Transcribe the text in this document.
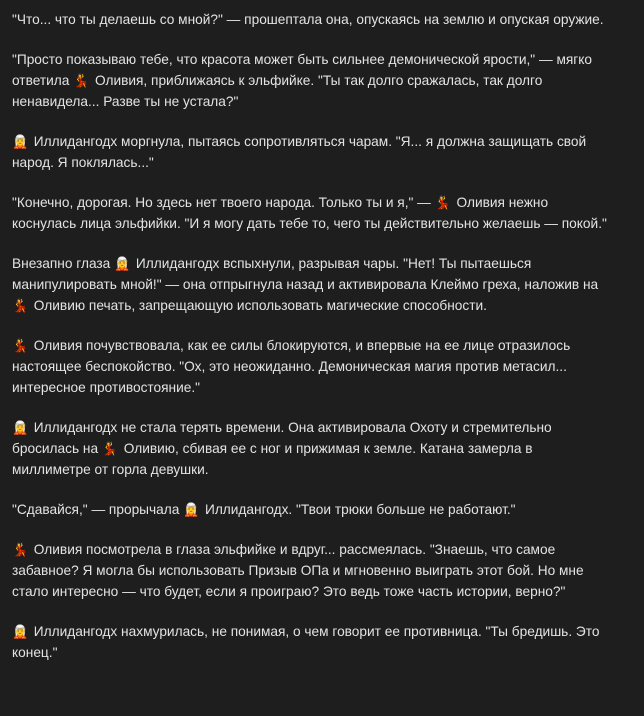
"Что... что ты делаешь со мной?" — прошептала она, опускаясь на землю и опуская оружие.

"Просто показываю тебе, что красота может быть сильнее демонической ярости," — мягко ответила 💃 Оливия, приближаясь к эльфийке. "Ты так долго сражалась, так долго ненавидела... Разве ты не устала?"

🧝 Иллидангодх моргнула, пытаясь сопротивляться чарам. "Я... я должна защищать свой народ. Я поклялась..."

"Конечно, дорогая. Но здесь нет твоего народа. Только ты и я," — 💃 Оливия нежно коснулась лица эльфийки. "И я могу дать тебе то, чего ты действительно желаешь — покой."

Внезапно глаза 🧝 Иллидангодх вспыхнули, разрывая чары. "Нет! Ты пытаешься манипулировать мной!" — она отпрыгнула назад и активировала Клеймо греха, наложив на 💃 Оливию печать, запрещающую использовать магические способности.

💃 Оливия почувствовала, как ее силы блокируются, и впервые на ее лице отразилось настоящее беспокойство. "Ох, это неожиданно. Демоническая магия против метасил... интересное противостояние."

🧝 Иллидангодх не стала терять времени. Она активировала Охоту и стремительно бросилась на 💃 Оливию, сбивая ее с ног и прижимая к земле. Катана замерла в миллиметре от горла девушки.

"Сдавайся," — прорычала 🧝 Иллидангодх. "Твои трюки больше не работают."

💃 Оливия посмотрела в глаза эльфийке и вдруг... рассмеялась. "Знаешь, что самое забавное? Я могла бы использовать Призыв ОПа и мгновенно выиграть этот бой. Но мне стало интересно — что будет, если я проиграю? Это ведь тоже часть истории, верно?"

🧝 Иллидангодх нахмурилась, не понимая, о чем говорит ее противница. "Ты бредишь. Это конец."
